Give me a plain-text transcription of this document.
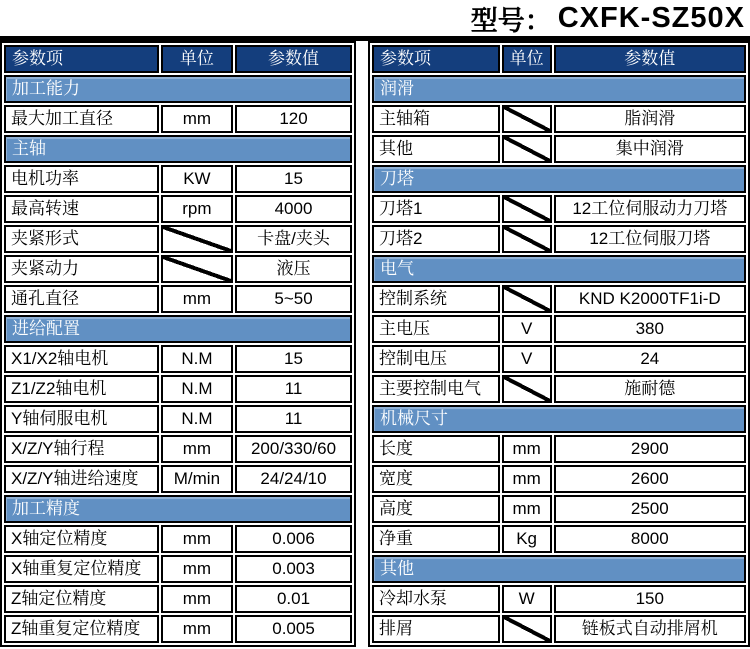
型号： CXFK-SZ50X
参数项	单位	参数值
加工能力		
最大加工直径	mm	120
主轴		
电机功率	KW	15
最高转速	rpm	4000
夹紧形式		卡盘/夹头
夹紧动力		液压
通孔直径	mm	5~50
进给配置		
X1/X2轴电机	N.M	15
Z1/Z2轴电机	N.M	11
Y轴伺服电机	N.M	11
X/Z/Y轴行程	mm	200/330/60
X/Z/Y轴进给速度	M/min	24/24/10
加工精度		
X轴定位精度	mm	0.006
X轴重复定位精度	mm	0.003
Z轴定位精度	mm	0.01
Z轴重复定位精度	mm	0.005
参数项	单位	参数值
润滑		
主轴箱		脂润滑
其他		集中润滑
刀塔		
刀塔1		12工位伺服动力刀塔
刀塔2		12工位伺服刀塔
电气		
控制系统		KND K2000TF1i-D
主电压	V	380
控制电压	V	24
主要控制电气		施耐德
机械尺寸		
长度	mm	2900
宽度	mm	2600
高度	mm	2500
净重	Kg	8000
其他		
冷却水泵	W	150
排屑		链板式自动排屑机
